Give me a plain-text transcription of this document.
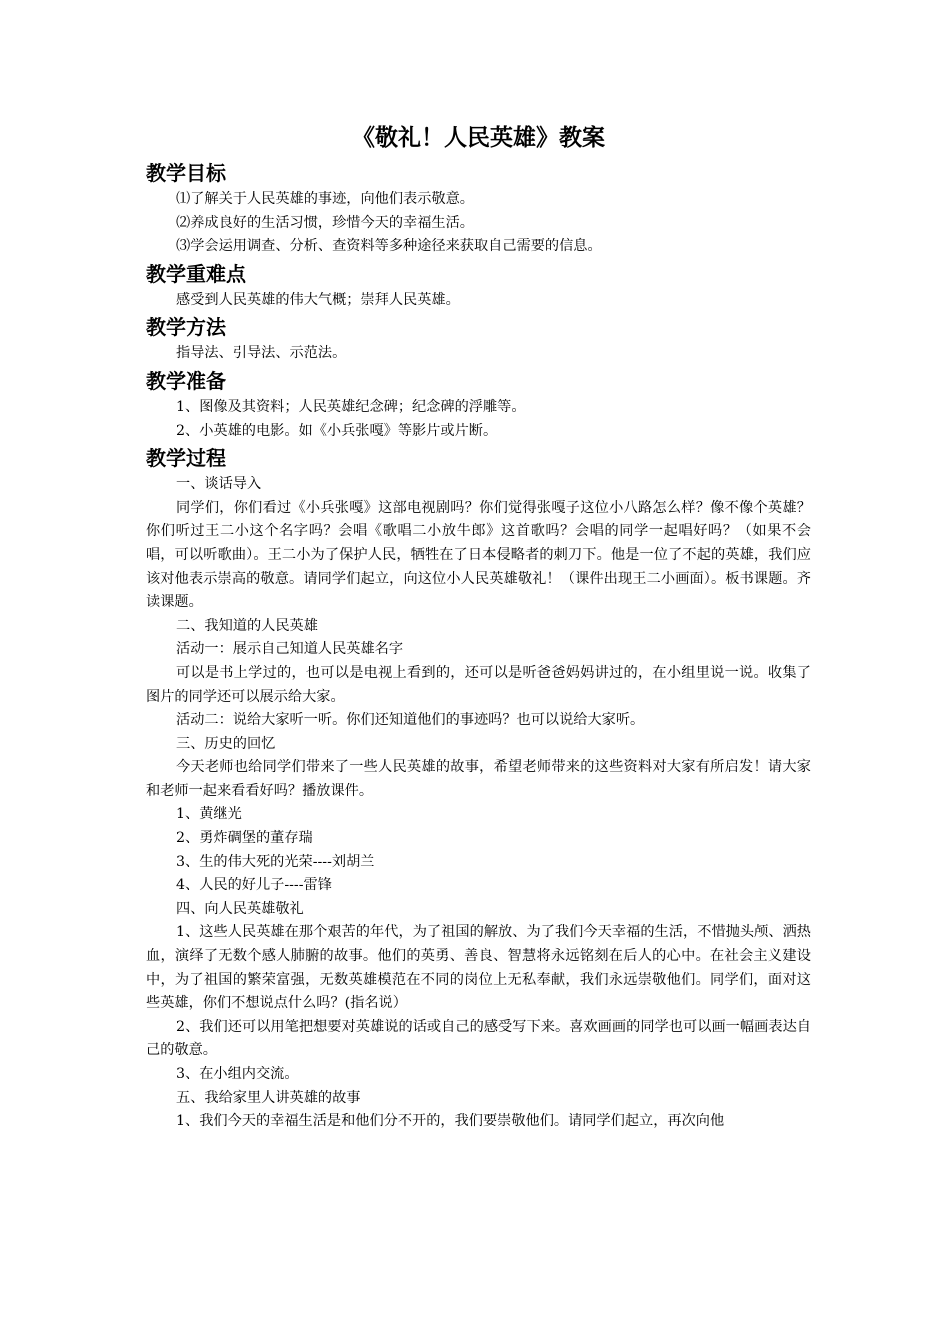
《敬礼！人民英雄》教案
教学目标

⑴了解关于人民英雄的事迹，向他们表示敬意。

⑵养成良好的生活习惯，珍惜今天的幸福生活。

⑶学会运用调查、分析、查资料等多种途径来获取自己需要的信息。

教学重难点

感受到人民英雄的伟大气概；崇拜人民英雄。

教学方法

指导法、引导法、示范法。

教学准备

1、图像及其资料；人民英雄纪念碑；纪念碑的浮雕等。

2、小英雄的电影。如《小兵张嘎》等影片或片断。

教学过程

一、谈话导入

同学们，你们看过《小兵张嘎》这部电视剧吗？你们觉得张嘎子这位小八路怎么样？像不像个英雄？你们听过王二小这个名字吗？会唱《歌唱二小放牛郎》这首歌吗？会唱的同学一起唱好吗？（如果不会唱，可以听歌曲）。王二小为了保护人民，牺牲在了日本侵略者的刺刀下。他是一位了不起的英雄，我们应该对他表示崇高的敬意。请同学们起立，向这位小人民英雄敬礼！（课件出现王二小画面）。板书课题。齐读课题。

二、我知道的人民英雄

活动一：展示自己知道人民英雄名字

可以是书上学过的，也可以是电视上看到的，还可以是听爸爸妈妈讲过的，在小组里说一说。收集了图片的同学还可以展示给大家。

活动二：说给大家听一听。你们还知道他们的事迹吗？也可以说给大家听。

三、历史的回忆

今天老师也给同学们带来了一些人民英雄的故事，希望老师带来的这些资料对大家有所启发！请大家和老师一起来看看好吗？播放课件。

1、黄继光

2、勇炸碉堡的董存瑞

3、生的伟大死的光荣----刘胡兰

4、人民的好儿子----雷锋

四、向人民英雄敬礼

1、这些人民英雄在那个艰苦的年代，为了祖国的解放、为了我们今天幸福的生活，不惜抛头颅、洒热血，演绎了无数个感人肺腑的故事。他们的英勇、善良、智慧将永远铭刻在后人的心中。在社会主义建设中，为了祖国的繁荣富强，无数英雄模范在不同的岗位上无私奉献，我们永远崇敬他们。同学们，面对这些英雄，你们不想说点什么吗？(指名说）

2、我们还可以用笔把想要对英雄说的话或自己的感受写下来。喜欢画画的同学也可以画一幅画表达自己的敬意。

3、在小组内交流。

五、我给家里人讲英雄的故事

1、我们今天的幸福生活是和他们分不开的，我们要崇敬他们。请同学们起立，再次向他
